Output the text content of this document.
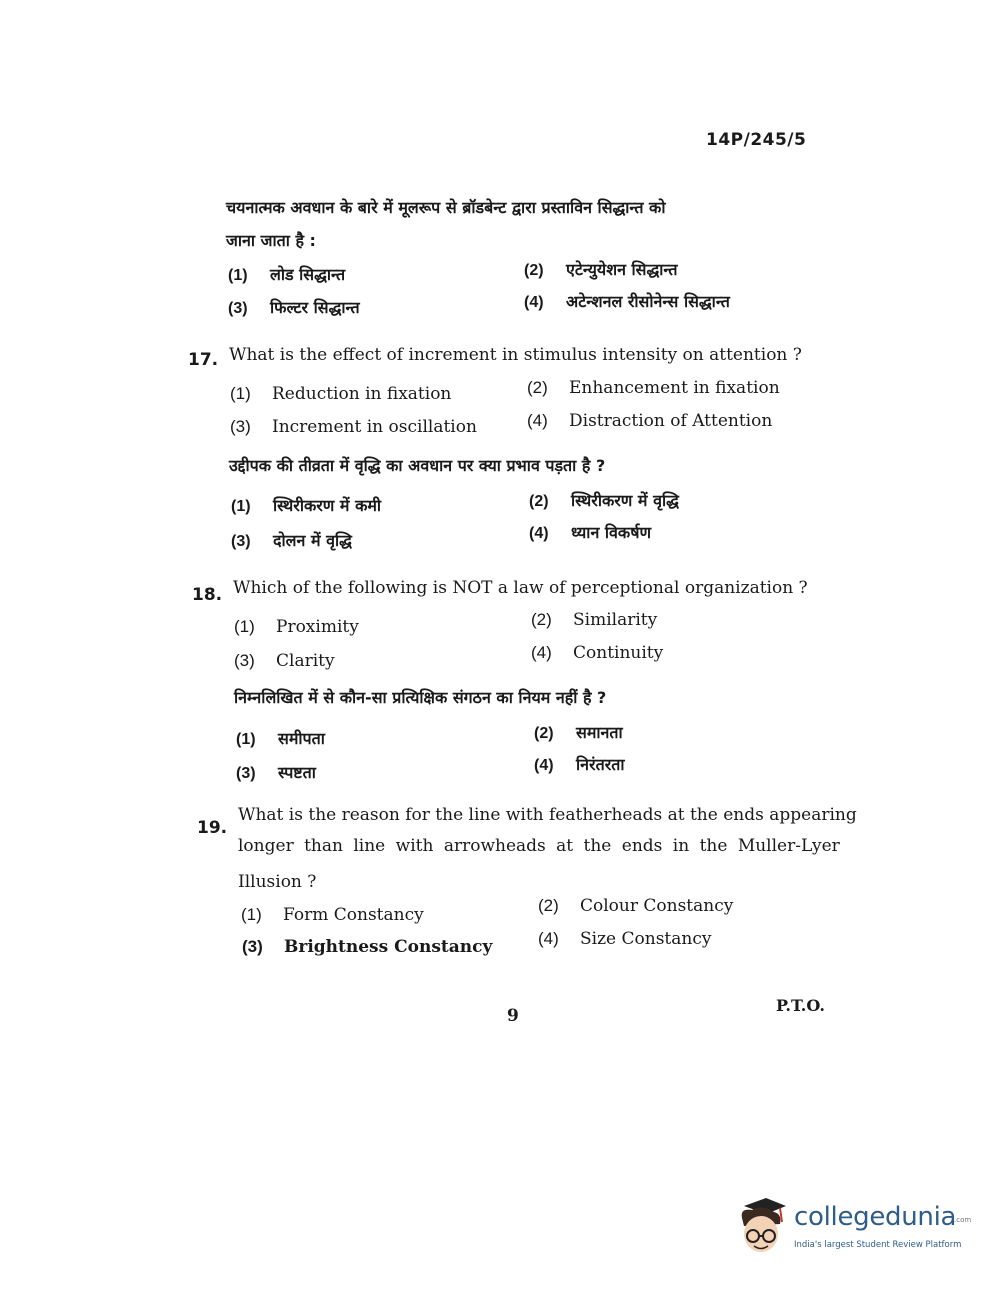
14P/245/5
चयनात्मक अवधान के बारे में मूलरूप से ब्रॉडबेन्ट द्वारा प्रस्ताविन सिद्धान्त को
जाना जाता है :
(1) लोड सिद्धान्त	(2) एटेन्युयेशन सिद्धान्त
(3) फिल्टर सिद्धान्त	(4) अटेन्शनल रीसोनेन्स सिद्धान्त
17. What is the effect of increment in stimulus intensity on attention ?
(1) Reduction in fixation	(2) Enhancement in fixation
(3) Increment in oscillation	(4) Distraction of Attention
उद्दीपक की तीव्रता में वृद्धि का अवधान पर क्या प्रभाव पड़ता है ?
(1) स्थिरीकरण में कमी	(2) स्थिरीकरण में वृद्धि
(3) दोलन में वृद्धि	(4) ध्यान विकर्षण
18. Which of the following is NOT a law of perceptional organization ?
(1) Proximity	(2) Similarity
(3) Clarity	(4) Continuity
निम्नलिखित में से कौन-सा प्रत्यिक्षिक संगठन का नियम नहीं है ?
(1) समीपता	(2) समानता
(3) स्पष्टता	(4) निरंतरता
19.
What is the reason for the line with featherheads at the ends appearing
longer than line with arrowheads at the ends in the Muller-Lyer
Illusion ?
(1) Form Constancy	(2) Colour Constancy
(3) Brightness Constancy	(4) Size Constancy
9
P.T.O.
collegedunia
.com
India's largest Student Review Platform
